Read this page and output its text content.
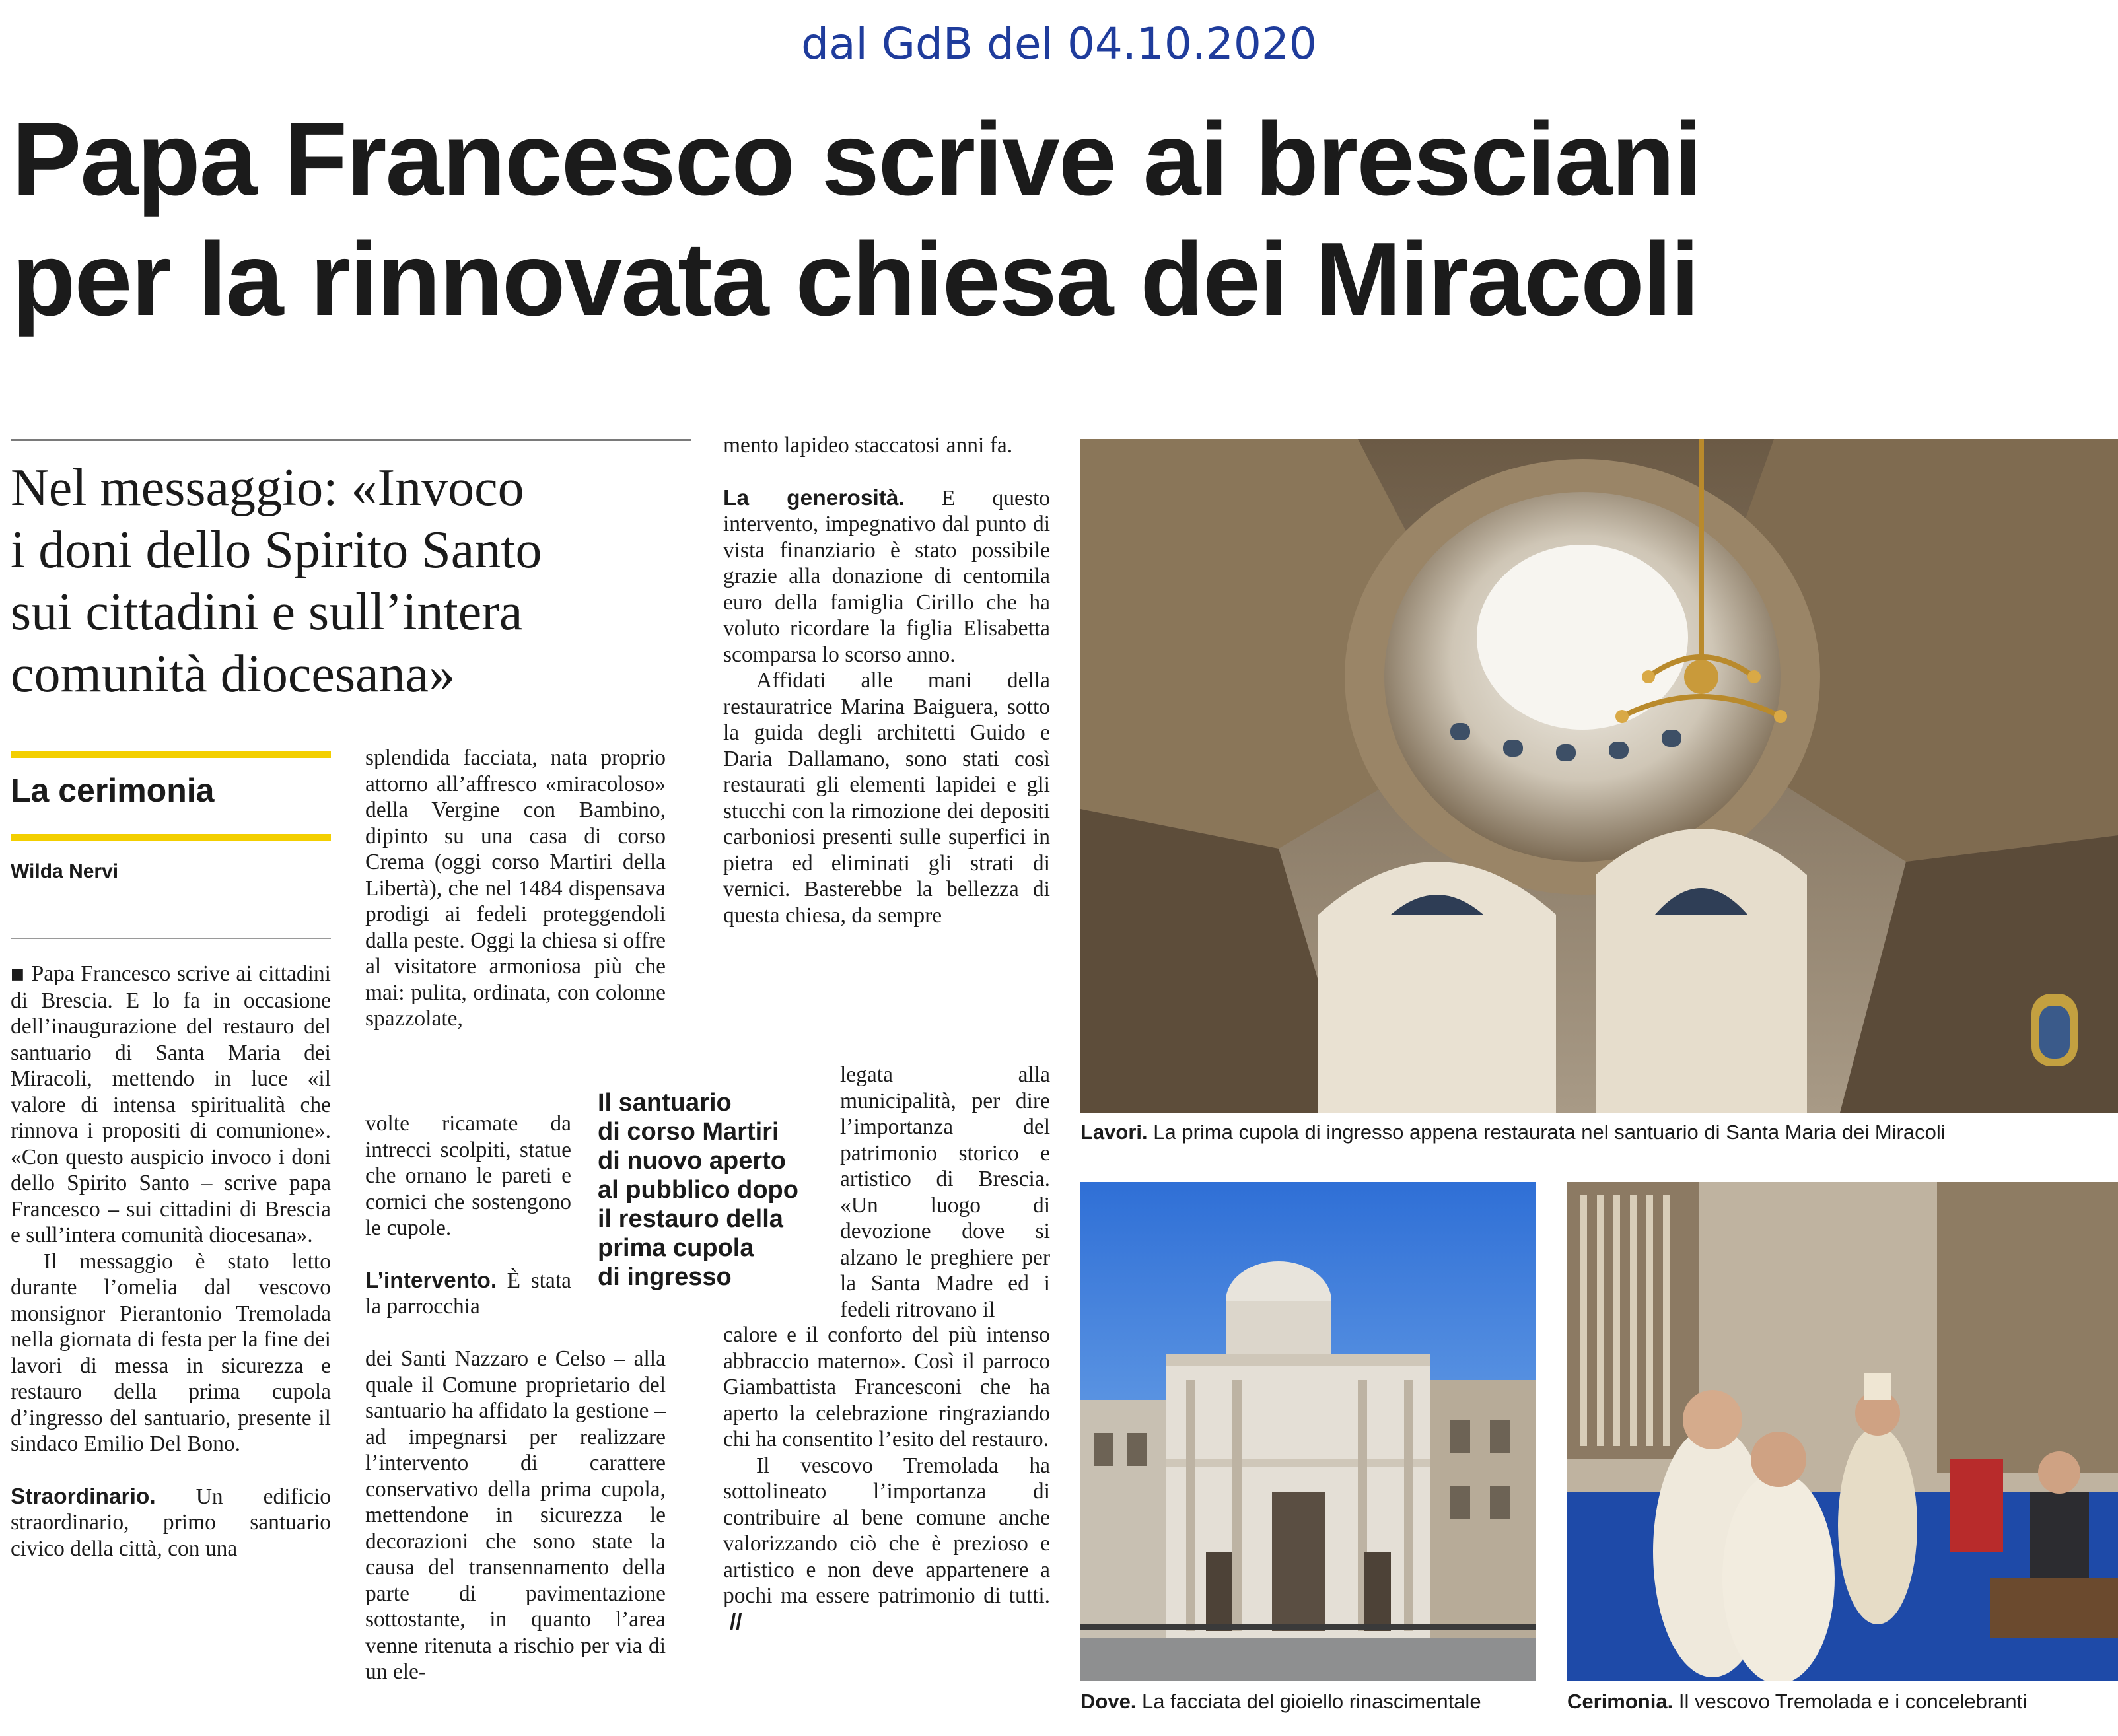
dal GdB del 04.10.2020
Papa Francesco scrive ai bresciani
per la rinnovata chiesa dei Miracoli
Nel messaggio: «Invoco
i doni dello Spirito Santo
sui cittadini e sull’intera
comunità diocesana»
La cerimonia
Wilda Nervi

■ Papa Francesco scrive ai cittadini di Brescia. E lo fa in occasione dell’inaugurazione del restauro del santuario di Santa Maria dei Miracoli, mettendo in luce «il valore di intensa spiritualità che rinnova i propositi di comunione». «Con questo auspicio invoco i doni dello Spirito Santo – scrive papa Francesco – sui cittadini di Brescia e sull’intera comunità diocesana».

Il messaggio è stato letto durante l’omelia dal vescovo monsignor Pierantonio Tremolada nella giornata di festa per la fine dei lavori di messa in sicurezza e restauro della prima cupola d’ingresso del santuario, presente il sindaco Emilio Del Bono.

Straordinario. Un edificio straordinario, primo santuario civico della città, con una

splendida facciata, nata proprio attorno all’affresco «miracoloso» della Vergine con Bambino, dipinto su una casa di corso Crema (oggi corso Martiri della Libertà), che nel 1484 dispensava prodigi ai fedeli proteggendoli dalla peste. Oggi la chiesa si offre al visitatore armoniosa più che mai: pulita, ordinata, con colonne spazzolate,

volte ricamate da intrecci scolpiti, statue che ornano le pareti e cornici che sostengono le cupole.

L’intervento. È stata la parrocchia

dei Santi Nazzaro e Celso – alla quale il Comune proprietario del santuario ha affidato la gestione – ad impegnarsi per realizzare l’intervento di carattere conservativo della prima cupola, mettendone in sicurezza le decorazioni che sono state la causa del transennamento della parte di pavimentazione sottostante, in quanto l’area venne ritenuta a rischio per via di un ele-

Il santuario
di corso Martiri
di nuovo aperto
al pubblico dopo
il restauro della
prima cupola
di ingresso

mento lapideo staccatosi anni fa.

La generosità. E questo intervento, impegnativo dal punto di vista finanziario è stato possibile grazie alla donazione di centomila euro della famiglia Cirillo che ha voluto ricordare la figlia Elisabetta scomparsa lo scorso anno.

Affidati alle mani della restauratrice Marina Baiguera, sotto la guida degli architetti Guido e Daria Dallamano, sono stati così restaurati gli elementi lapidei e gli stucchi con la rimozione dei depositi carboniosi presenti sulle superfici in pietra ed eliminati gli strati di vernici. Basterebbe la bellezza di questa chiesa, da sempre

legata alla municipalità, per dire l’importanza del patrimonio storico e artistico di Brescia. «Un luogo di devozione dove si alzano le preghiere per la Santa Madre ed i fedeli ritrovano il

calore e il conforto del più intenso abbraccio materno». Così il parroco Giambattista Francesconi che ha aperto la celebrazione ringraziando chi ha consentito l’esito del restauro.

Il vescovo Tremolada ha sottolineato l’importanza di contribuire al bene comune anche valorizzando ciò che è prezioso e artistico e non deve appartenere a pochi ma essere patrimonio di tutti. //

Lavori. La prima cupola di ingresso appena restaurata nel santuario di Santa Maria dei Miracoli
Dove. La facciata del gioiello rinascimentale	Cerimonia. Il vescovo Tremolada e i concelebranti
